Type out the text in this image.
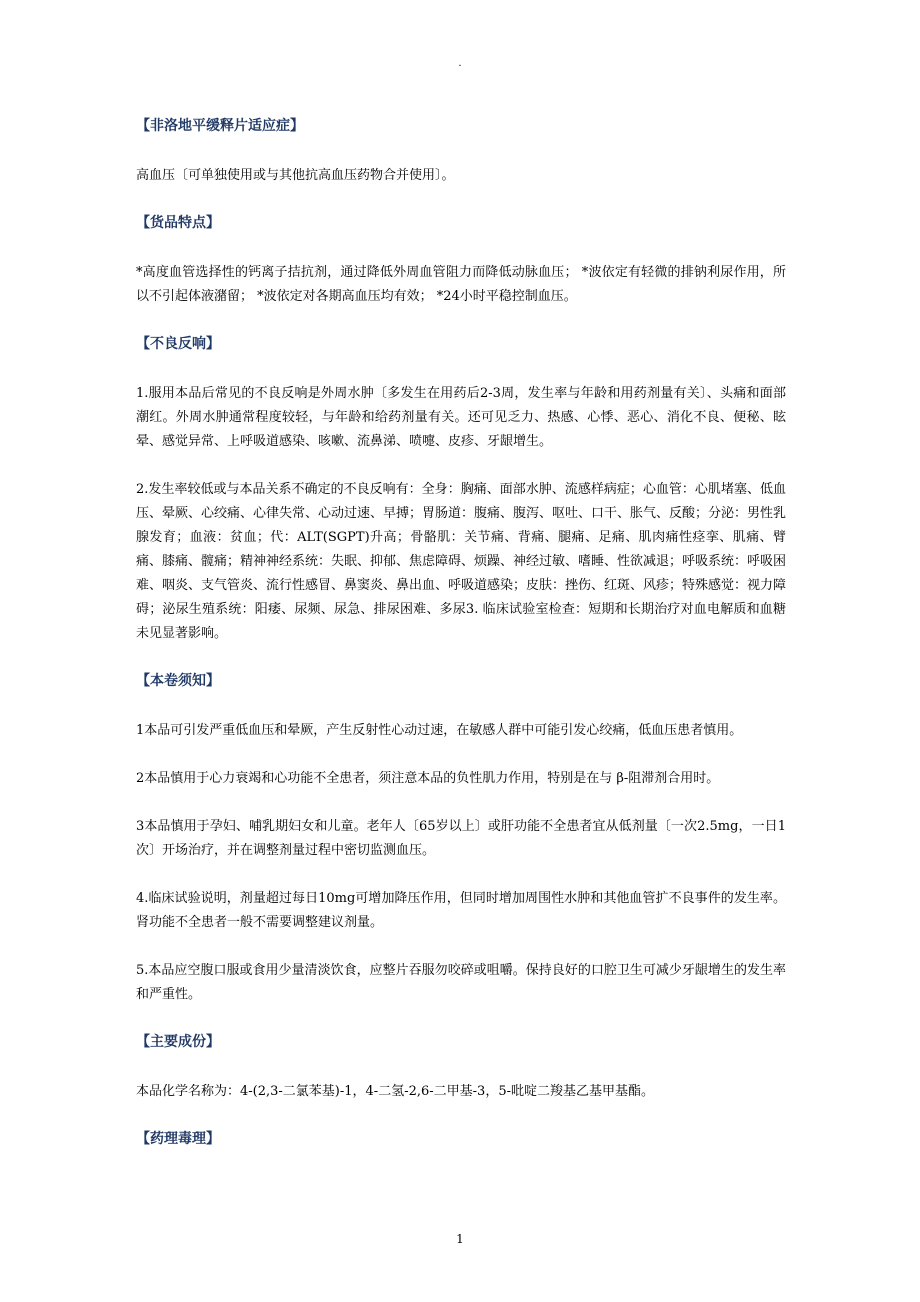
.
【非洛地平缓释片适应症】

高血压〔可单独使用或与其他抗高血压药物合并使用〕。

【货品特点】

*高度血管选择性的钙离子拮抗剂，通过降低外周血管阻力而降低动脉血压； *波依定有轻微的排钠利尿作用，所以不引起体液潴留； *波依定对各期高血压均有效； *24小时平稳控制血压。

【不良反响】

1.服用本品后常见的不良反响是外周水肿〔多发生在用药后2-3周，发生率与年龄和用药剂量有关〕、头痛和面部潮红。外周水肿通常程度较轻，与年龄和给药剂量有关。还可见乏力、热感、心悸、恶心、消化不良、便秘、眩晕、感觉异常、上呼吸道感染、咳嗽、流鼻涕、喷嚏、皮疹、牙龈增生。

2.发生率较低或与本品关系不确定的不良反响有：全身：胸痛、面部水肿、流感样病症；心血管：心肌堵塞、低血压、晕厥、心绞痛、心律失常、心动过速、早搏；胃肠道：腹痛、腹泻、呕吐、口干、胀气、反酸；分泌：男性乳腺发育；血液：贫血；代：ALT(SGPT)升高；骨骼肌：关节痛、背痛、腿痛、足痛、肌肉痛性痉挛、肌痛、臂痛、膝痛、髋痛；精神神经系统：失眠、抑郁、焦虑障碍、烦躁、神经过敏、嗜睡、性欲减退；呼吸系统：呼吸困难、咽炎、支气管炎、流行性感冒、鼻窦炎、鼻出血、呼吸道感染；皮肤：挫伤、红斑、风疹；特殊感觉：视力障碍；泌尿生殖系统：阳痿、尿频、尿急、排尿困难、多尿3. 临床试验室检查：短期和长期治疗对血电解质和血糖未见显著影响。

【本卷须知】

1本品可引发严重低血压和晕厥，产生反射性心动过速，在敏感人群中可能引发心绞痛，低血压患者慎用。

2本品慎用于心力衰竭和心功能不全患者，须注意本品的负性肌力作用，特别是在与 β-阻滞剂合用时。

3本品慎用于孕妇、哺乳期妇女和儿童。老年人〔65岁以上〕或肝功能不全患者宜从低剂量〔一次2.5mg，一日1次〕开场治疗，并在调整剂量过程中密切监测血压。

4.临床试验说明，剂量超过每日10mg可增加降压作用，但同时增加周围性水肿和其他血管扩不良事件的发生率。肾功能不全患者一般不需要调整建议剂量。

5.本品应空腹口服或食用少量清淡饮食，应整片吞服勿咬碎或咀嚼。保持良好的口腔卫生可减少牙龈增生的发生率和严重性。

【主要成份】

本品化学名称为：4-(2,3-二氯苯基)-1，4-二氢-2,6-二甲基-3，5-吡啶二羧基乙基甲基酯。

【药理毒理】
1
